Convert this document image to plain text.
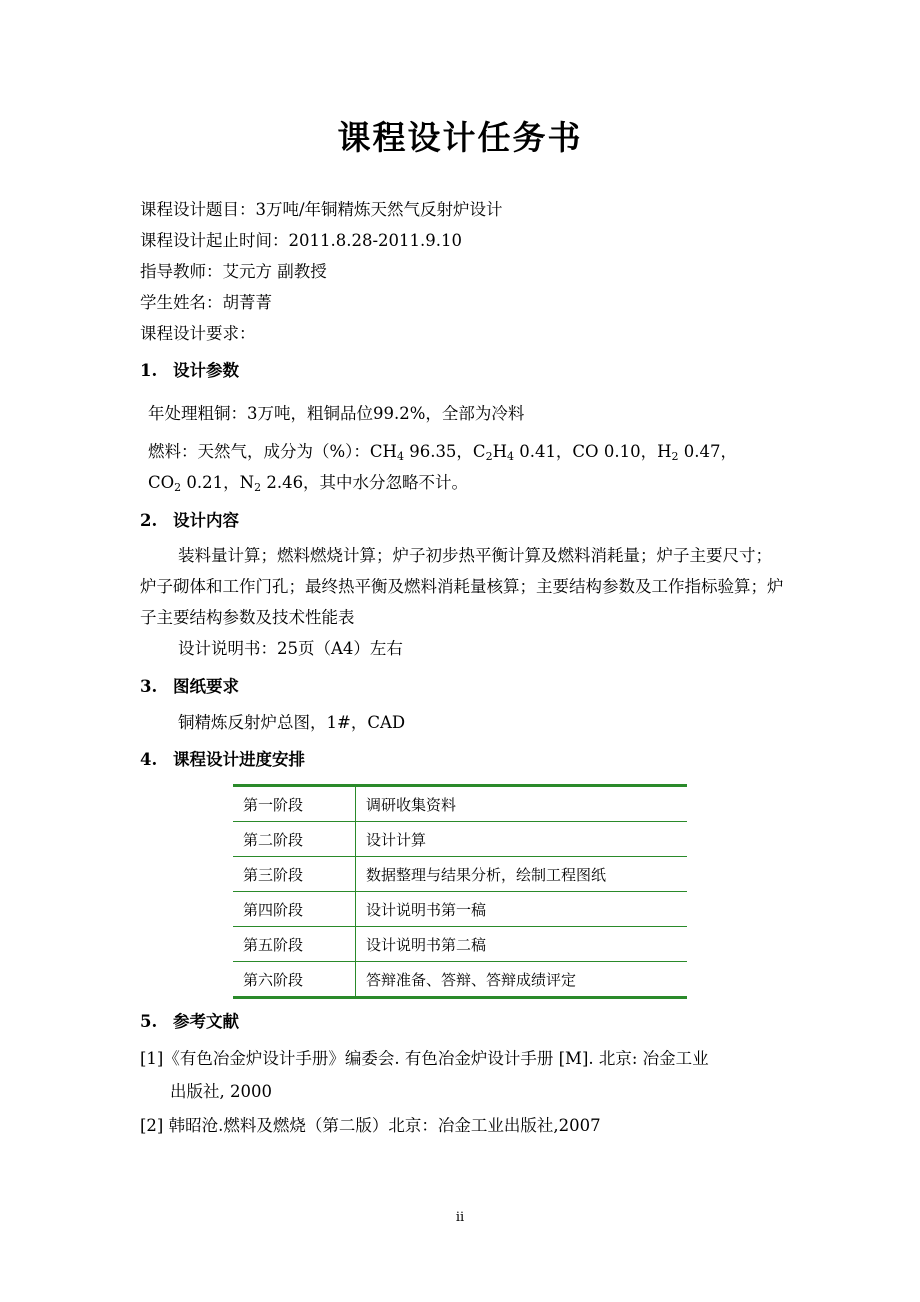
课程设计任务书
课程设计题目：3万吨/年铜精炼天然气反射炉设计
课程设计起止时间：2011.8.28-2011.9.10
指导教师：艾元方 副教授
学生姓名：胡菁菁
课程设计要求：
1. 设计参数
年处理粗铜：3万吨，粗铜品位99.2%，全部为冷料
燃料：天然气，成分为（%）：$CH_4$ 96.35，$C_2H_4$ 0.41，CO 0.10，$H_2$ 0.47，
$CO_2$ 0.21，$N_2$ 2.46，其中水分忽略不计。
2. 设计内容
装料量计算；燃料燃烧计算；炉子初步热平衡计算及燃料消耗量；炉子主要尺寸；炉子砌体和工作门孔；最终热平衡及燃料消耗量核算；主要结构参数及工作指标验算；炉子主要结构参数及技术性能表
设计说明书：25页（A4）左右
3. 图纸要求
铜精炼反射炉总图，1#，CAD
4. 课程设计进度安排
第一阶段	调研收集资料
第二阶段	设计计算
第三阶段	数据整理与结果分析，绘制工程图纸
第四阶段	设计说明书第一稿
第五阶段	设计说明书第二稿
第六阶段	答辩准备、答辩、答辩成绩评定
5. 参考文献
[1]《有色冶金炉设计手册》编委会. 有色冶金炉设计手册 [M]. 北京: 冶金工业
出版社, 2000
[2] 韩昭沧.燃料及燃烧（第二版）北京：冶金工业出版社,2007
ii
